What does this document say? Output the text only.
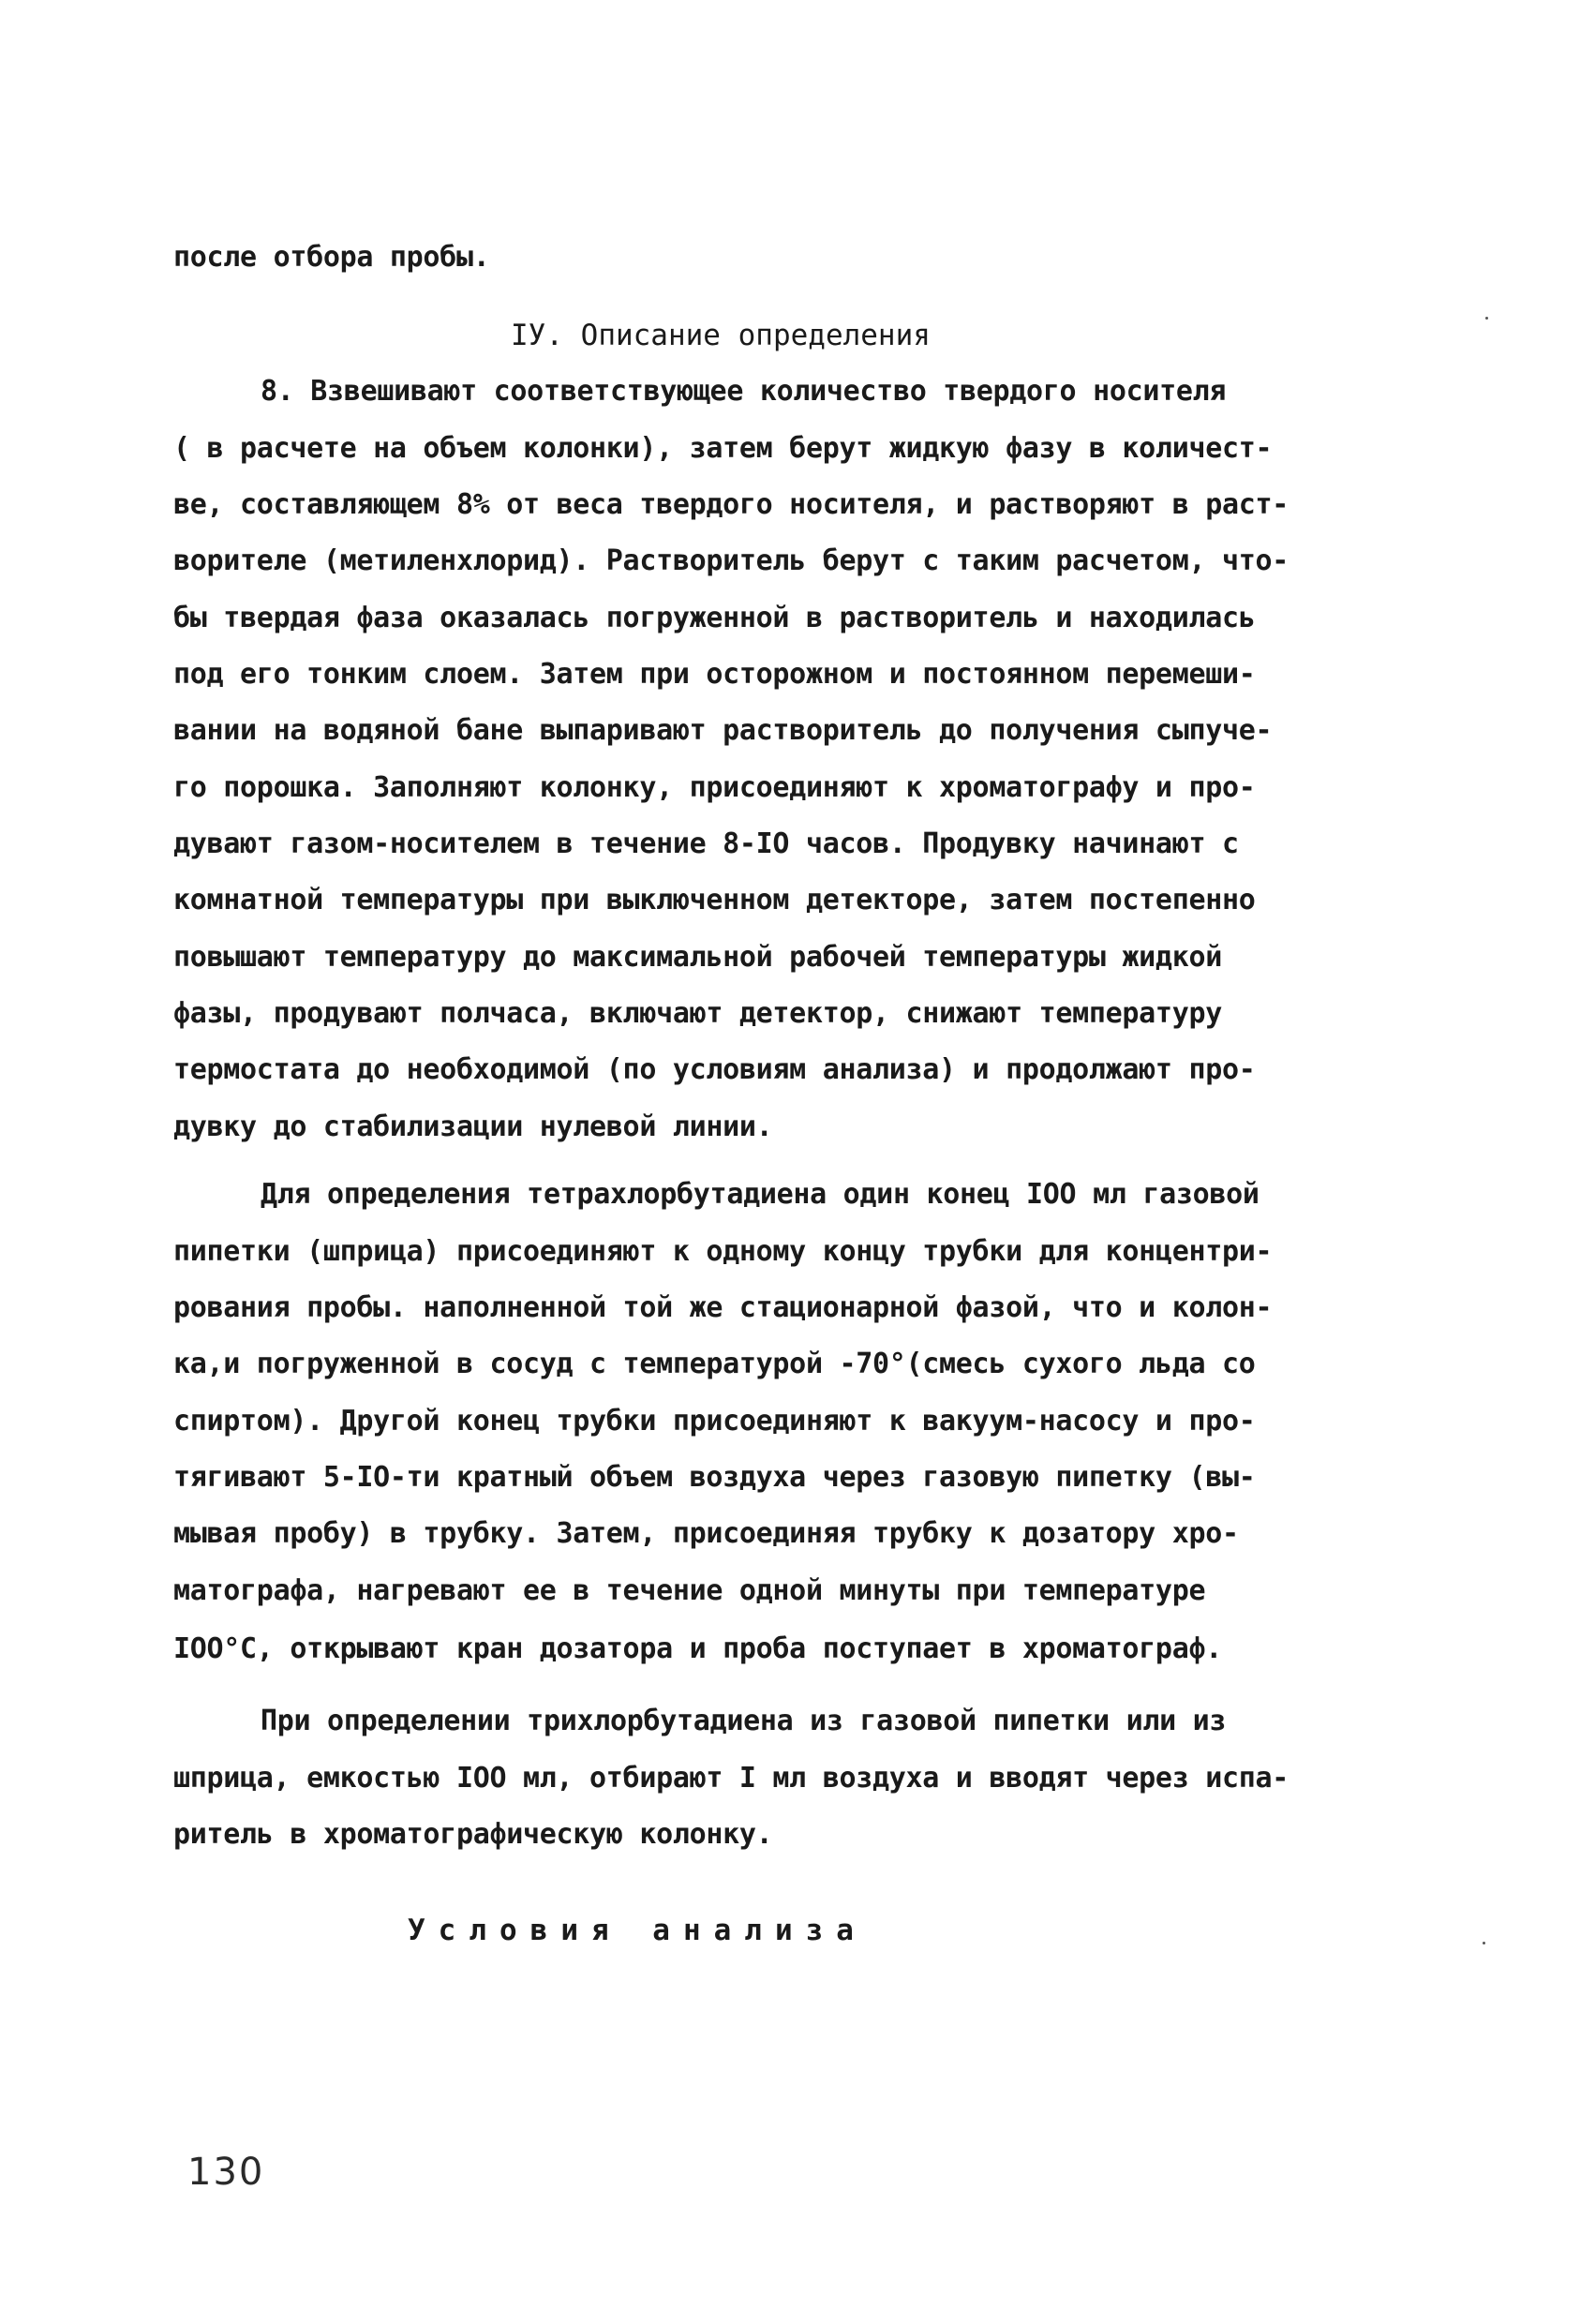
после отбора пробы.
IУ. Описание определения
8. Взвешивают соответствующее количество твердого носителя
( в расчете на объем колонки), затем берут жидкую фазу в количест-
ве, составляющем 8% от веса твердого носителя, и растворяют в раст-
ворителе (метиленхлорид). Растворитель берут с таким расчетом, что-
бы твердая фаза оказалась погруженной в растворитель и находилась
под его тонким слоем. Затем при осторожном и постоянном перемеши-
вании на водяной бане выпаривают растворитель до получения сыпуче-
го порошка. Заполняют колонку, присоединяют к хроматографу и про-
дувают газом-носителем в течение 8-IO часов. Продувку начинают с
комнатной температуры при выключенном детекторе, затем постепенно
повышают температуру до максимальной рабочей температуры жидкой
фазы, продувают полчаса, включают детектор, снижают температуру
термостата до необходимой (по условиям анализа) и продолжают про-
дувку до стабилизации нулевой линии.
Для определения тетрахлорбутадиена один конец IOO мл газовой
пипетки (шприца) присоединяют к одному концу трубки для концентри-
рования пробы. наполненной той же стационарной фазой, что и колон-
ка,и погруженной в сосуд с температурой -70°(смесь сухого льда со
спиртом). Другой конец трубки присоединяют к вакуум-насосу и про-
тягивают 5-IO-ти кратный объем воздуха через газовую пипетку (вы-
мывая пробу) в трубку. Затем, присоединяя трубку к дозатору хро-
матографа, нагревают ее в течение одной минуты при температуре
IOO°С, открывают кран дозатора и проба поступает в хроматограф.
При определении трихлорбутадиена из газовой пипетки или из
шприца, емкостью IOO мл, отбирают I мл воздуха и вводят через испа-
ритель в хроматографическую колонку.
Условия анализа
130
